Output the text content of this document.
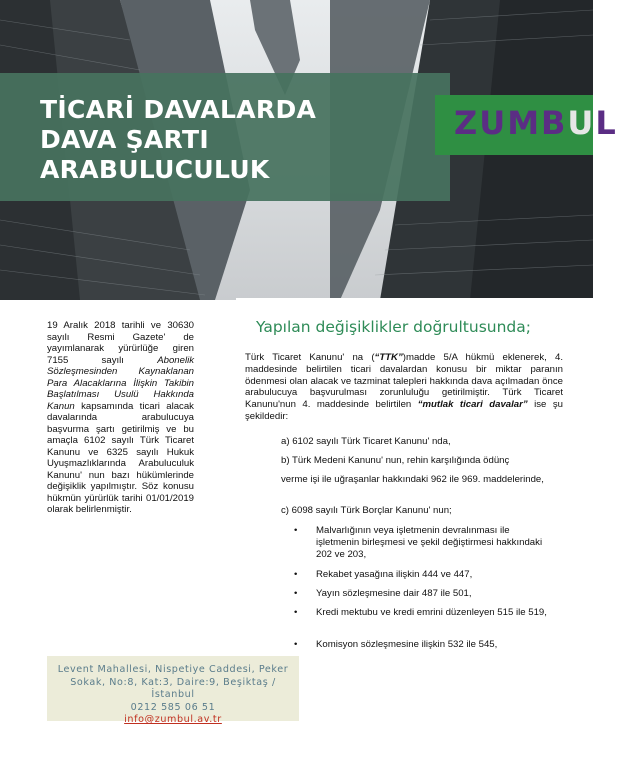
TİCARİ DAVALARDA
DAVA ŞARTI
ARABULUCULUK
ZUMBUL

19 Aralık 2018 tarihli ve 30630 sayılı Resmi Gazete' de yayımlanarak yürürlüğe giren 7155 sayılı	Abonelik Sözleşmesinden Kaynaklanan Para Alacaklarına İlişkin Takibin Başlatılması Usulü Hakkında Kanun kapsamında ticari alacak davalarında arabulucuya başvurma şartı getirilmiş ve bu amaçla 6102 sayılı Türk Ticaret Kanunu ve 6325 sayılı Hukuk Uyuşmazlıklarında Arabuluculuk Kanunu' nun bazı hükümlerinde değişiklik yapılmıştır. Söz konusu hükmün yürürlük tarihi 01/01/2019 olarak belirlenmiştir.

Yapılan değişiklikler doğrultusunda;

Türk Ticaret Kanunu' na (“TTK”)madde 5/A hükmü eklenerek, 4. maddesinde belirtilen ticari davalardan konusu bir miktar paranın ödenmesi olan alacak ve tazminat talepleri hakkında dava açılmadan önce arabulucuya başvurulması zorunluluğu getirilmiştir. Türk Ticaret Kanunu'nun 4. maddesinde belirtilen “mutlak ticari davalar” ise şu şekildedir:

a) 6102 sayılı Türk Ticaret Kanunu' nda,
b) Türk Medeni Kanunu' nun, rehin karşılığında ödünç
verme işi ile uğraşanlar hakkındaki 962 ile 969. maddelerinde,
c) 6098 sayılı Türk Borçlar Kanunu' nun;
• Malvarlığının veya işletmenin devralınması ile işletmenin birleşmesi ve şekil değiştirmesi hakkındaki 202 ve 203,
• Rekabet yasağına ilişkin 444 ve 447,
• Yayın sözleşmesine dair 487 ile 501,
• Kredi mektubu ve kredi emrini düzenleyen 515 ile 519,
• Komisyon sözleşmesine ilişkin 532 ile 545,
Levent Mahallesi, Nispetiye Caddesi, Peker
Sokak, No:8, Kat:3, Daire:9, Beşiktaş / İstanbul
0212 585 06 51
info@zumbul.av.tr
